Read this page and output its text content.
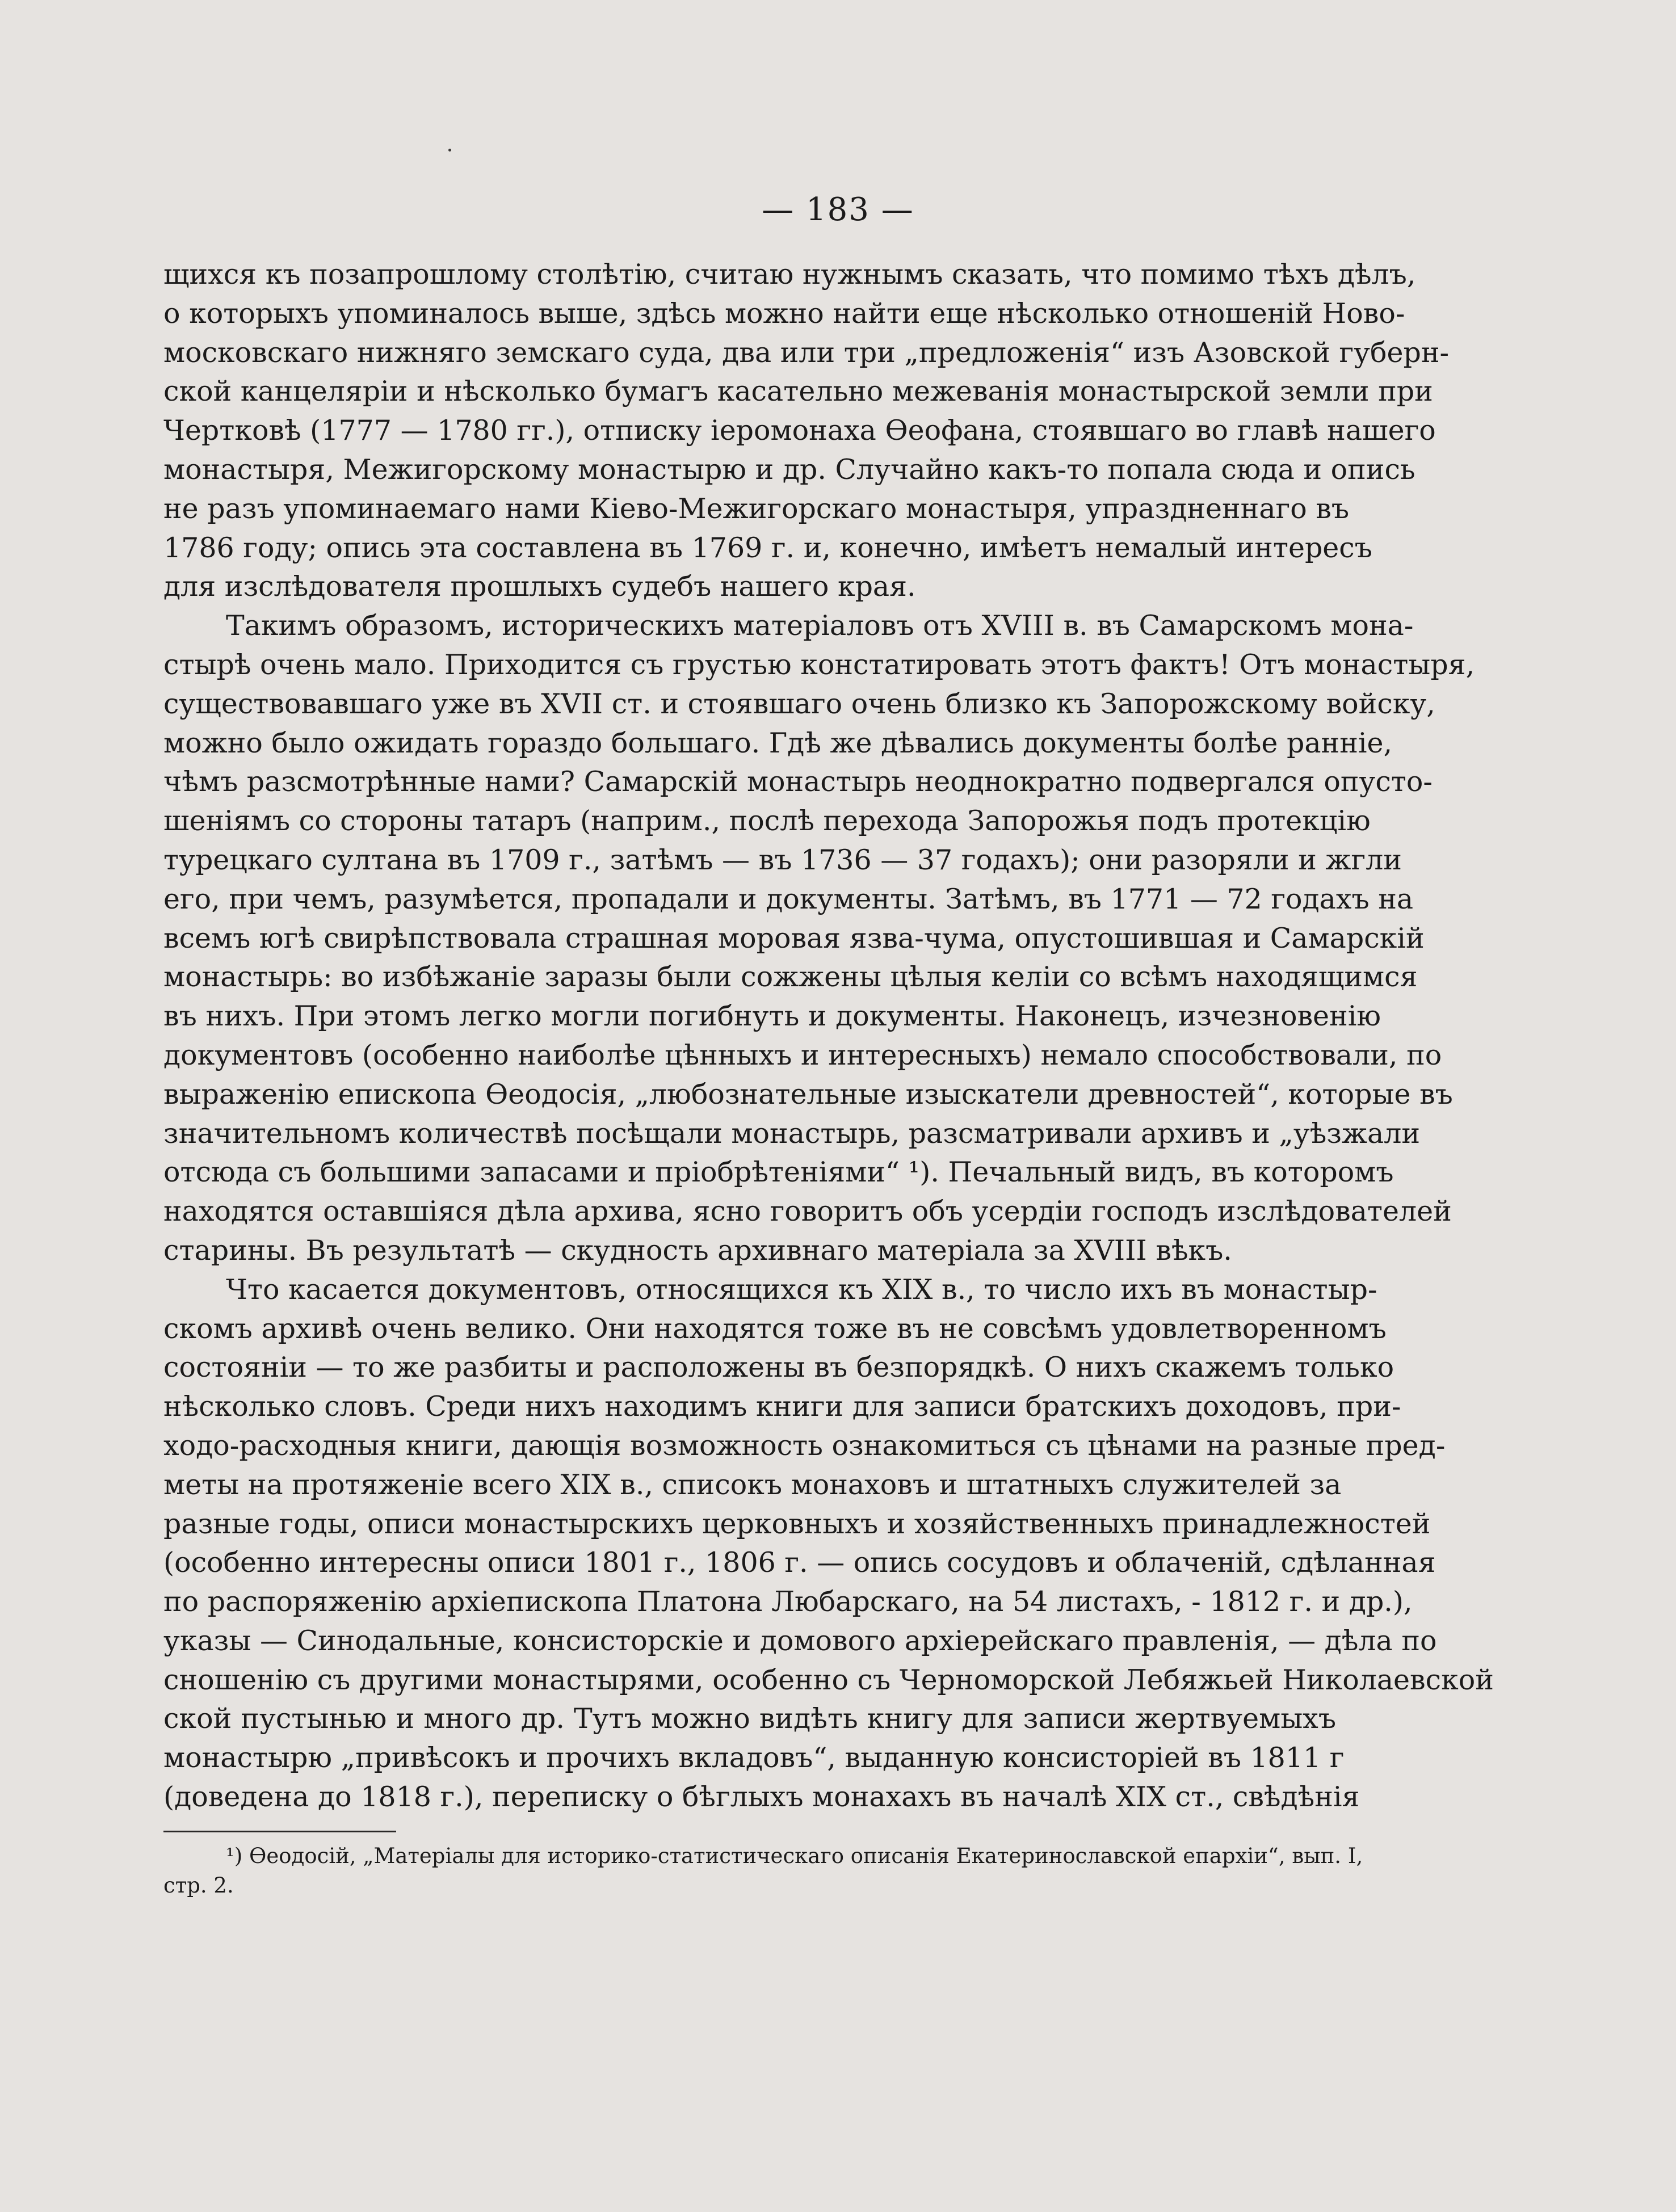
— 183 —
щихся къ позапрошлому столѣтію, считаю нужнымъ сказать, что помимо тѣхъ дѣлъ,
о которыхъ упоминалось выше, здѣсь можно найти еще нѣсколько отношеній Ново-
московскаго нижняго земскаго суда, два или три „предложенія“ изъ Азовской губерн-
ской канцеляріи и нѣсколько бумагъ касательно межеванія монастырской земли при
Чертковѣ (1777 — 1780 гг.), отписку іеромонаха Ѳеофана, стоявшаго во главѣ нашего
монастыря, Межигорскому монастырю и др. Случайно какъ-то попала сюда и опись
не разъ упоминаемаго нами Кіево-Межигорскаго монастыря, упраздненнаго въ
1786 году; опись эта составлена въ 1769 г. и, конечно, имѣетъ немалый интересъ
для изслѣдователя прошлыхъ судебъ нашего края.
Такимъ образомъ, историческихъ матеріаловъ отъ XVIII в. въ Самарскомъ мона-
стырѣ очень мало. Приходится съ грустью констатировать этотъ фактъ! Отъ монастыря,
существовавшаго уже въ XVII ст. и стоявшаго очень близко къ Запорожскому войску,
можно было ожидать гораздо большаго. Гдѣ же дѣвались документы болѣе ранніе,
чѣмъ разсмотрѣнные нами? Самарскій монастырь неоднократно подвергался опусто-
шеніямъ со стороны татаръ (наприм., послѣ перехода Запорожья подъ протекцію
турецкаго султана въ 1709 г., затѣмъ — въ 1736 — 37 годахъ); они разоряли и жгли
его, при чемъ, разумѣется, пропадали и документы. Затѣмъ, въ 1771 — 72 годахъ на
всемъ югѣ свирѣпствовала страшная моровая язва-чума, опустошившая и Самарскій
монастырь: во избѣжаніе заразы были сожжены цѣлыя келіи со всѣмъ находящимся
въ нихъ. При этомъ легко могли погибнуть и документы. Наконецъ, изчезновенію
документовъ (особенно наиболѣе цѣнныхъ и интересныхъ) немало способствовали, по
выраженію епископа Ѳеодосія, „любознательные изыскатели древностей“, которые въ
значительномъ количествѣ посѣщали монастырь, разсматривали архивъ и „уѣзжали
отсюда съ большими запасами и пріобрѣтеніями“ ¹). Печальный видъ, въ которомъ
находятся оставшіяся дѣла архива, ясно говоритъ объ усердіи господъ изслѣдователей
старины. Въ результатѣ — скудность архивнаго матеріала за XVIII вѣкъ.
Что касается документовъ, относящихся къ XIX в., то число ихъ въ монастыр-
скомъ архивѣ очень велико. Они находятся тоже въ не совсѣмъ удовлетворенномъ
состояніи — то же разбиты и расположены въ безпорядкѣ. О нихъ скажемъ только
нѣсколько словъ. Среди нихъ находимъ книги для записи братскихъ доходовъ, при-
ходо-расходныя книги, дающія возможность ознакомиться съ цѣнами на разные пред-
меты на протяженіе всего XIX в., списокъ монаховъ и штатныхъ служителей за
разные годы, описи монастырскихъ церковныхъ и хозяйственныхъ принадлежностей
(особенно интересны описи 1801 г., 1806 г. — опись сосудовъ и облаченій, сдѣланная
по распоряженію архіепископа Платона Любарскаго, на 54 листахъ, - 1812 г. и др.),
указы — Синодальные, консисторскіе и домового архіерейскаго правленія, — дѣла по
сношенію съ другими монастырями, особенно съ Черноморской Лебяжьей Николаевской
ской пустынью и много др. Тутъ можно видѣть книгу для записи жертвуемыхъ
монастырю „привѣсокъ и прочихъ вкладовъ“, выданную консисторіей въ 1811 г
(доведена до 1818 г.), переписку о бѣглыхъ монахахъ въ началѣ XIX ст., свѣдѣнія
¹) Ѳеодосій, „Матеріалы для историко-статистическаго описанія Екатеринославской епархіи“, вып. I,
стр. 2.
